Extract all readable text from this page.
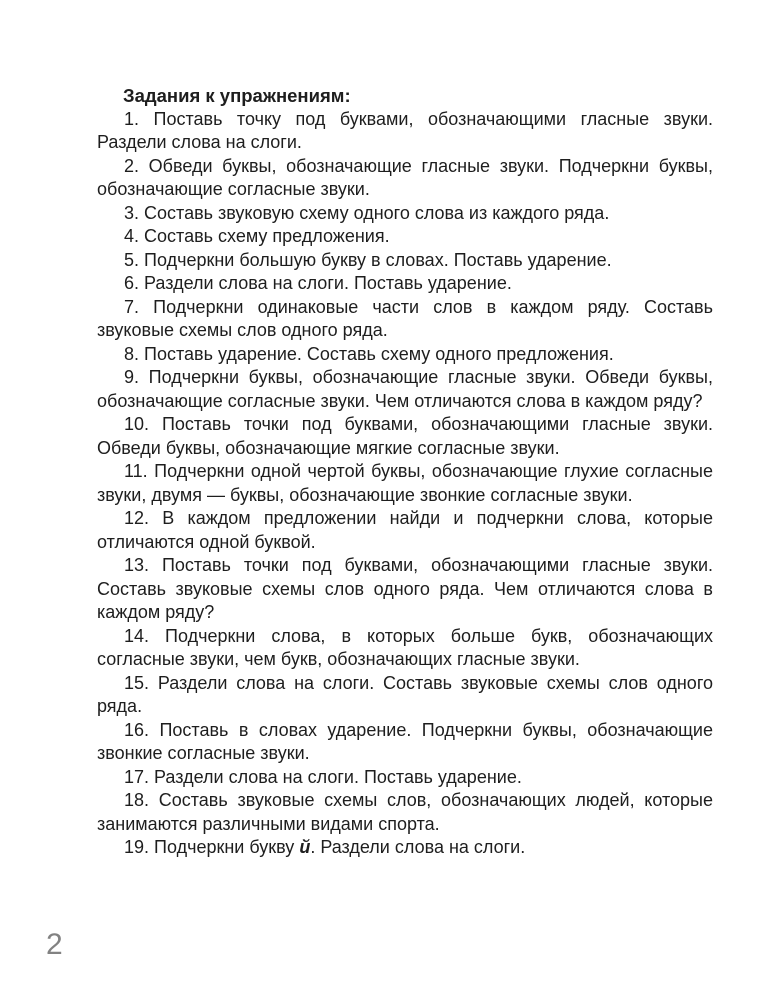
Задания к упражнениям:

1. Поставь точку под буквами, обозначающими гласные звуки. Раздели слова на слоги.

2. Обведи буквы, обозначающие гласные звуки. Подчеркни буквы, обозначающие согласные звуки.

3. Составь звуковую схему одного слова из каждого ряда.

4. Составь схему предложения.

5. Подчеркни большую букву в словах. Поставь ударение.

6. Раздели слова на слоги. Поставь ударение.

7. Подчеркни одинаковые части слов в каждом ряду. Составь звуковые схемы слов одного ряда.

8. Поставь ударение. Составь схему одного предложения.

9. Подчеркни буквы, обозначающие гласные звуки. Обведи буквы, обозначающие согласные звуки. Чем отличаются слова в каждом ряду?

10. Поставь точки под буквами, обозначающими гласные звуки. Обведи буквы, обозначающие мягкие согласные звуки.

11. Подчеркни одной чертой буквы, обозначающие глухие согласные звуки, двумя — буквы, обозначающие звонкие согласные звуки.

12. В каждом предложении найди и подчеркни слова, которые отличаются одной буквой.

13. Поставь точки под буквами, обозначающими гласные звуки. Составь звуковые схемы слов одного ряда. Чем отличаются слова в каждом ряду?

14. Подчеркни слова, в которых больше букв, обозначающих согласные звуки, чем букв, обозначающих гласные звуки.

15. Раздели слова на слоги. Составь звуковые схемы слов одного ряда.

16. Поставь в словах ударение. Подчеркни буквы, обозначающие звонкие согласные звуки.

17. Раздели слова на слоги. Поставь ударение.

18. Составь звуковые схемы слов, обозначающих людей, которые занимаются различными видами спорта.

19. Подчеркни букву й. Раздели слова на слоги.

2
